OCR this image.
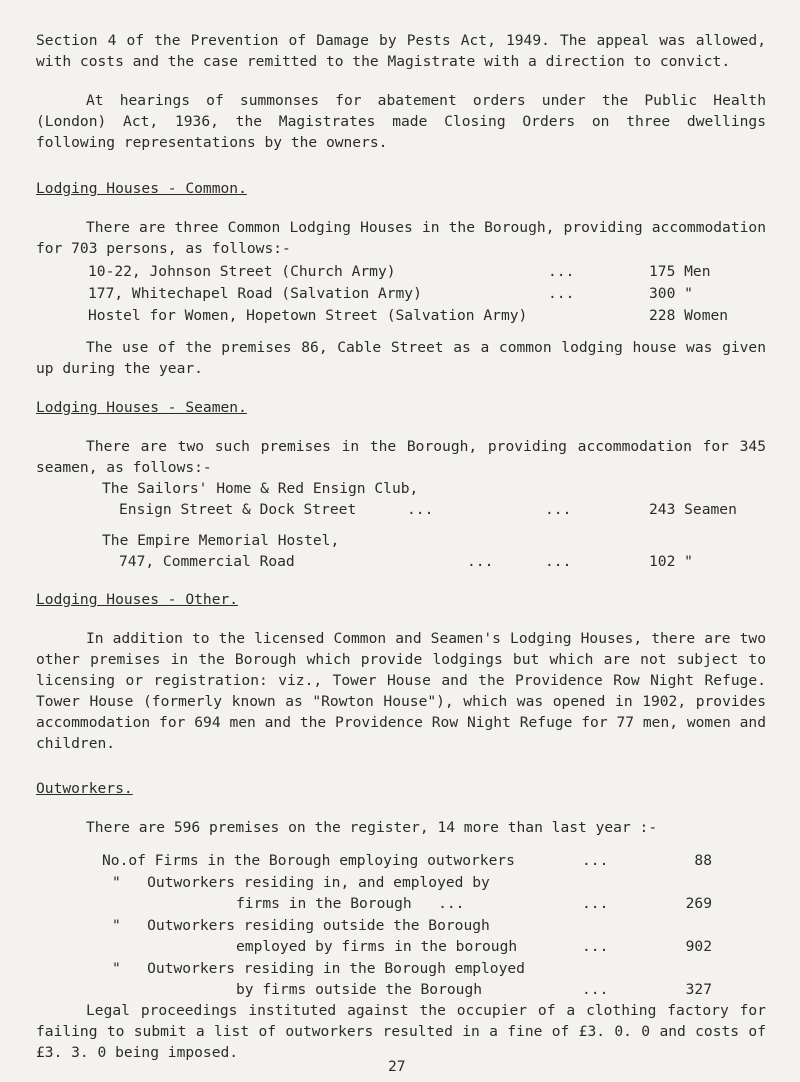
Section 4 of the Prevention of Damage by Pests Act, 1949. The appeal was allowed, with costs and the case remitted to the Magistrate with a direction to convict.

At hearings of summonses for abatement orders under the Public Health (London) Act, 1936, the Magistrates made Closing Orders on three dwellings following representations by the owners.

Lodging Houses - Common.

There are three Common Lodging Houses in the Borough, providing accommodation for 703 persons, as follows:-

10-22, Johnson Street (Church Army)	...	175 Men
177, Whitechapel Road (Salvation Army)	...	300 "
Hostel for Women, Hopetown Street (Salvation Army)	228 Women

The use of the premises 86, Cable Street as a common lodging house was given up during the year.

Lodging Houses - Seamen.

There are two such premises in the Borough, providing accommodation for 345 seamen, as follows:-

The Sailors' Home & Red Ensign Club,
Ensign Street & Dock Street	...	...	243 Seamen
The Empire Memorial Hostel,
747, Commercial Road	...	...	102 "

Lodging Houses - Other.

In addition to the licensed Common and Seamen's Lodging Houses, there are two other premises in the Borough which provide lodgings but which are not subject to licensing or registration: viz., Tower House and the Providence Row Night Refuge. Tower House (formerly known as "Rowton House"), which was opened in 1902, provides accommodation for 694 men and the Providence Row Night Refuge for 77 men, women and children.

Outworkers.

There are 596 premises on the register, 14 more than last year :-

No.of Firms in the Borough employing outworkers	...	88
"   Outworkers residing in, and employed by
firms in the Borough   ...	...	269
"   Outworkers residing outside the Borough
employed by firms in the borough	...	902
"   Outworkers residing in the Borough employed
by firms outside the Borough	...	327

Legal proceedings instituted against the occupier of a clothing factory for failing to submit a list of outworkers resulted in a fine of £3. 0. 0 and costs of £3. 3. 0 being imposed.

27
